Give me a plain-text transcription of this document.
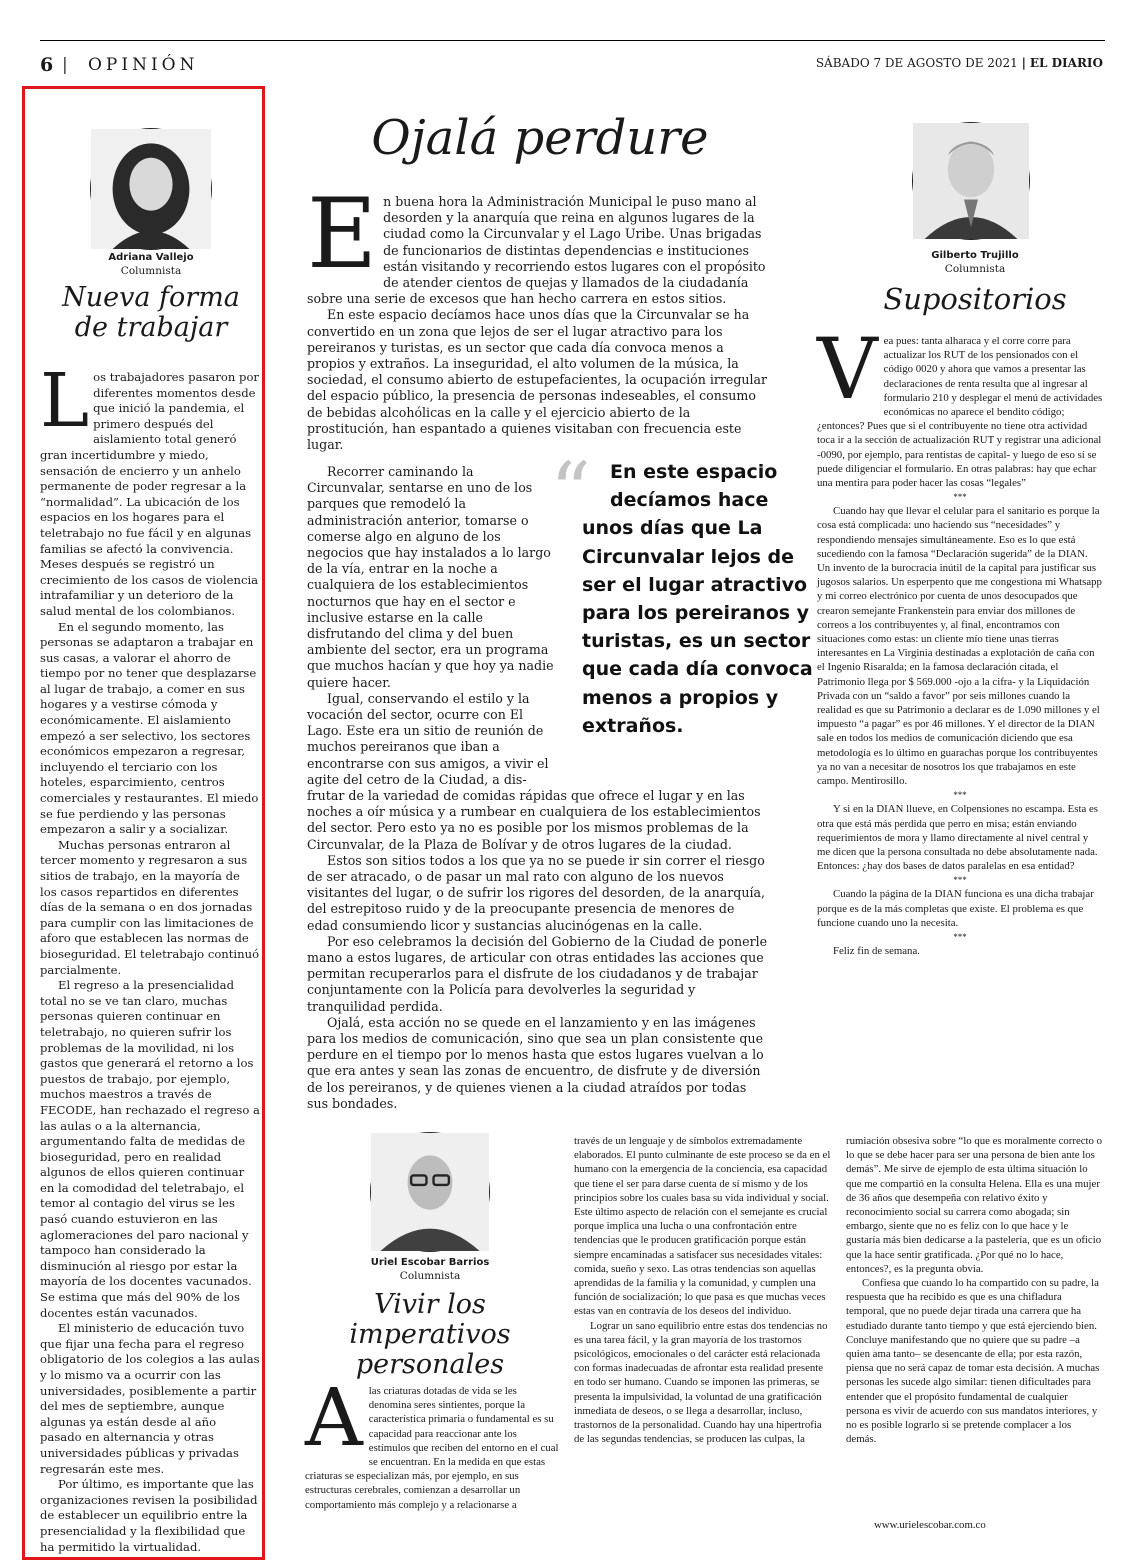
6 | OPINIÓN	SÁBADO 7 DE AGOSTO DE 2021 | EL DIARIO
Adriana Vallejo
Columnista
Nueva forma
de trabajar

Los trabajadores pasaron por diferentes momentos desde que inició la pandemia, el primero después del aislamiento total generó gran incertidumbre y miedo, sensación de encierro y un anhelo permanente de poder regresar a la “normalidad”. La ubicación de los espacios en los hogares para el teletrabajo no fue fácil y en algunas familias se afectó la convivencia. Meses después se registró un crecimiento de los casos de violencia intrafamiliar y un deterioro de la salud mental de los colombianos.

En el segundo momento, las personas se adaptaron a trabajar en sus casas, a valorar el ahorro de tiempo por no tener que desplazarse al lugar de trabajo, a comer en sus hogares y a vestirse cómoda y económicamente. El aislamiento empezó a ser selectivo, los sectores económicos empezaron a regresar, incluyendo el terciario con los hoteles, esparcimiento, centros comerciales y restaurantes. El miedo se fue perdiendo y las personas empezaron a salir y a socializar.

Muchas personas entraron al tercer momento y regresaron a sus sitios de trabajo, en la mayoría de los casos repartidos en diferentes días de la semana o en dos jornadas para cumplir con las limitaciones de aforo que establecen las normas de bioseguridad. El teletrabajo continuó parcialmente.

El regreso a la presencialidad total no se ve tan claro, muchas personas quieren continuar en teletrabajo, no quieren sufrir los problemas de la movilidad, ni los gastos que generará el retorno a los puestos de trabajo, por ejemplo, muchos maestros a través de FECODE, han rechazado el regreso a las aulas o a la alternancia, argumentando falta de medidas de bioseguridad, pero en realidad algunos de ellos quieren continuar en la comodidad del teletrabajo, el temor al contagio del virus se les pasó cuando estuvieron en las aglomeraciones del paro nacional y tampoco han considerado la disminución al riesgo por estar la mayoría de los docentes vacunados. Se estima que más del 90% de los docentes están vacunados.

El ministerio de educación tuvo que fijar una fecha para el regreso obligatorio de los colegios a las aulas y lo mismo va a ocurrir con las universidades, posiblemente a partir del mes de septiembre, aunque algunas ya están desde al año pasado en alternancia y otras universidades públicas y privadas regresarán este mes.

Por último, es importante que las organizaciones revisen la posibilidad de establecer un equilibrio entre la presencialidad y la flexibilidad que ha permitido la virtualidad.

Ojalá perdure

En buena hora la Administración Municipal le puso mano al desorden y la anarquía que reina en algunos lugares de la ciudad como la Circunvalar y el Lago Uribe. Unas brigadas de funcionarios de distintas dependencias e instituciones están visitando y recorriendo estos lugares con el propósito de atender cientos de quejas y llamados de la ciudadanía sobre una serie de excesos que han hecho carrera en estos sitios.

En este espacio decíamos hace unos días que la Circunvalar se ha convertido en un zona que lejos de ser el lugar atractivo para los pereiranos y turistas, es un sector que cada día convoca menos a propios y extraños. La inseguridad, el alto volumen de la música, la sociedad, el consumo abierto de estupefacientes, la ocupación irregular del espacio público, la presencia de personas indeseables, el consumo de bebidas alcohólicas en la calle y el ejercicio abierto de la prostitución, han espantado a quienes visitaban con frecuencia este lugar.

Recorrer caminando la Circunvalar, sentarse en uno de los parques que remodeló la administración anterior, tomarse o comerse algo en alguno de los negocios que hay instalados a lo largo de la vía, entrar en la noche a cualquiera de los establecimientos nocturnos que hay en el sector e inclusive estarse en la calle disfrutando del clima y del buen ambiente del sector, era un programa que muchos hacían y que hoy ya nadie quiere hacer.

Igual, conservando el estilo y la vocación del sector, ocurre con El Lago. Este era un sitio de reunión de muchos pereiranos que iban a encontrarse con sus amigos, a vivir el agite del cetro de la Ciudad, a dis-

“	En este espacio
decíamos hace
unos días que La
Circunvalar lejos de
ser el lugar atractivo
para los pereiranos y
turistas, es un sector
que cada día convoca
menos a propios y
extraños.

frutar de la variedad de comidas rápidas que ofrece el lugar y en las noches a oír música y a rumbear en cualquiera de los establecimientos del sector. Pero esto ya no es posible por los mismos problemas de la Circunvalar, de la Plaza de Bolívar y de otros lugares de la ciudad.

Estos son sitios todos a los que ya no se puede ir sin correr el riesgo de ser atracado, o de pasar un mal rato con alguno de los nuevos visitantes del lugar, o de sufrir los rigores del desorden, de la anarquía, del estrepitoso ruido y de la preocupante presencia de menores de edad consumiendo licor y sustancias alucinógenas en la calle.

Por eso celebramos la decisión del Gobierno de la Ciudad de ponerle mano a estos lugares, de articular con otras entidades las acciones que permitan recuperarlos para el disfrute de los ciudadanos y de trabajar conjuntamente con la Policía para devolverles la seguridad y tranquilidad perdida.

Ojalá, esta acción no se quede en el lanzamiento y en las imágenes para los medios de comunicación, sino que sea un plan consistente que perdure en el tiempo por lo menos hasta que estos lugares vuelvan a lo que era antes y sean las zonas de encuentro, de disfrute y de diversión de los pereiranos, y de quienes vienen a la ciudad atraídos por todas sus bondades.

Gilberto Trujillo
Columnista
Supositorios

Vea pues: tanta alharaca y el corre corre para actualizar los RUT de los pensionados con el código 0020 y ahora que vamos a presentar las declaraciones de renta resulta que al ingresar al formulario 210 y desplegar el menú de actividades económicas no aparece el bendito código; ¿entonces? Pues que si el contribuyente no tiene otra actividad toca ir a la sección de actualización RUT y registrar una adicional -0090, por ejemplo, para rentistas de capital- y luego de eso sí se puede diligenciar el formulario. En otras palabras: hay que echar una mentira para poder hacer las cosas “legales”

***

Cuando hay que llevar el celular para el sanitario es porque la cosa está complicada: uno haciendo sus “necesidades” y respondiendo mensajes simultáneamente. Eso es lo que está sucediendo con la famosa “Declaración sugerida” de la DIAN. Un invento de la burocracia inútil de la capital para justificar sus jugosos salarios. Un esperpento que me congestiona mi Whatsapp y mi correo electrónico por cuenta de unos desocupados que crearon semejante Frankenstein para enviar dos millones de correos a los contribuyentes y, al final, encontramos con situaciones como estas: un cliente mío tiene unas tierras interesantes en La Virginia destinadas a explotación de caña con el Ingenio Risaralda; en la famosa declaración citada, el Patrimonio llega por $ 569.000 -ojo a la cifra- y la Liquidación Privada con un “saldo a favor” por seis millones cuando la realidad es que su Patrimonio a declarar es de 1.090 millones y el impuesto “a pagar” es por 46 millones. Y el director de la DIAN sale en todos los medios de comunicación diciendo que esa metodología es lo último en guarachas porque los contribuyentes ya no van a necesitar de nosotros los que trabajamos en este campo. Mentirosillo.

***

Y si en la DIAN llueve, en Colpensiones no escampa. Esta es otra que está más perdida que perro en misa; están enviando requerimientos de mora y llamo directamente al nivel central y me dicen que la persona consultada no debe absolutamente nada. Entonces: ¿hay dos bases de datos paralelas en esa entidad?

***

Cuando la página de la DIAN funciona es una dicha trabajar porque es de la más completas que existe. El problema es que funcione cuando uno la necesita.

***

Feliz fin de semana.

Uriel Escobar Barrios
Columnista
Vivir los imperativos
personales

Alas criaturas dotadas de vida se les denomina seres sintientes, porque la característica primaria o fundamental es su capacidad para reaccionar ante los estímulos que reciben del entorno en el cual se encuentran. En la medida en que estas criaturas se especializan más, por ejemplo, en sus estructuras cerebrales, comienzan a desarrollar un comportamiento más complejo y a relacionarse a

través de un lenguaje y de símbolos extremadamente elaborados. El punto culminante de este proceso se da en el humano con la emergencia de la conciencia, esa capacidad que tiene el ser para darse cuenta de sí mismo y de los principios sobre los cuales basa su vida individual y social. Este último aspecto de relación con el semejante es crucial porque implica una lucha o una confrontación entre tendencias que le producen gratificación porque están siempre encaminadas a satisfacer sus necesidades vitales: comida, sueño y sexo. Las otras tendencias son aquellas aprendidas de la familia y la comunidad, y cumplen una función de socialización; lo que pasa es que muchas veces estas van en contravía de los deseos del individuo.

Lograr un sano equilibrio entre estas dos tendencias no es una tarea fácil, y la gran mayoría de los trastornos psicológicos, emocionales o del carácter está relacionada con formas inadecuadas de afrontar esta realidad presente en todo ser humano. Cuando se imponen las primeras, se presenta la impulsividad, la voluntad de una gratificación inmediata de deseos, o se llega a desarrollar, incluso, trastornos de la personalidad. Cuando hay una hipertrofia de las segundas tendencias, se producen las culpas, la

rumiación obsesiva sobre “lo que es moralmente correcto o lo que se debe hacer para ser una persona de bien ante los demás”. Me sirve de ejemplo de esta última situación lo que me compartió en la consulta Helena. Ella es una mujer de 36 años que desempeña con relativo éxito y reconocimiento social su carrera como abogada; sin embargo, siente que no es feliz con lo que hace y le gustaría más bien dedicarse a la pastelería, que es un oficio que la hace sentir gratificada. ¿Por qué no lo hace, entonces?, es la pregunta obvia.

Confiesa que cuando lo ha compartido con su padre, la respuesta que ha recibido es que es una chifladura temporal, que no puede dejar tirada una carrera que ha estudiado durante tanto tiempo y que está ejerciendo bien. Concluye manifestando que no quiere que su padre –a quien ama tanto– se desencante de ella; por esta razón, piensa que no será capaz de tomar esta decisión. A muchas personas les sucede algo similar: tienen dificultades para entender que el propósito fundamental de cualquier persona es vivir de acuerdo con sus mandatos interiores, y no es posible lograrlo si se pretende complacer a los demás.

www.urielescobar.com.co
